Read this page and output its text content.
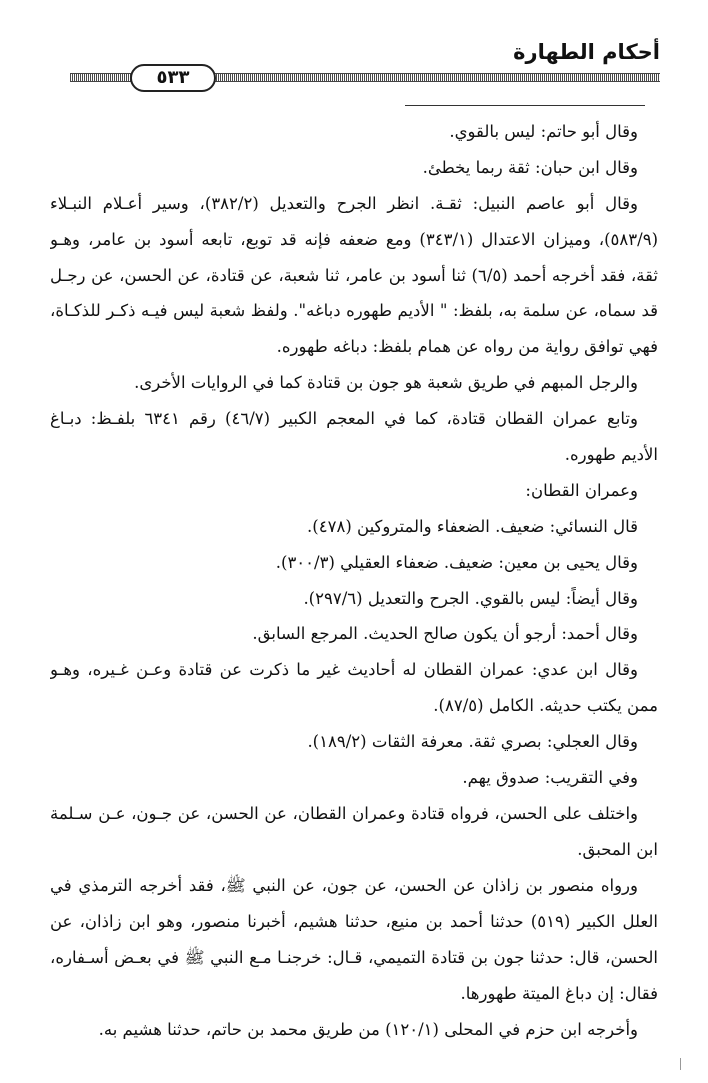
أحكام الطهارة
٥٣٣
وقال أبو حاتم: ليس بالقوي.
وقال ابن حبان: ثقة ربما يخطئ.
وقال أبو عاصم النبيل: ثقـة. انظر الجرح والتعديل (٣٨٢/٢)، وسير أعـلام النبـلاء
(٥٨٣/٩)، وميزان الاعتدال (٣٤٣/١) ومع ضعفه فإنه قد توبع، تابعه أسود بن عامر، وهـو
ثقة، فقد أخرجه أحمد (٦/٥) ثنا أسود بن عامر، ثنا شعبة، عن قتادة، عن الحسن، عن رجـل
قد سماه، عن سلمة به، بلفظ: " الأديم طهوره دباغه". ولفظ شعبة ليس فيـه ذكـر للذكـاة،
فهي توافق رواية من رواه عن همام بلفظ: دباغه طهوره.
والرجل المبهم في طريق شعبة هو جون بن قتادة كما في الروايات الأخرى.
وتابع عمران القطان قتادة، كما في المعجم الكبير (٤٦/٧) رقم ٦٣٤١ بلفـظ: دبـاغ
الأديم طهوره.
وعمران القطان:
قال النسائي: ضعيف. الضعفاء والمتروكين (٤٧٨).
وقال يحيى بن معين: ضعيف. ضعفاء العقيلي (٣٠٠/٣).
وقال أيضاً: ليس بالقوي. الجرح والتعديل (٢٩٧/٦).
وقال أحمد: أرجو أن يكون صالح الحديث. المرجع السابق.
وقال ابن عدي: عمران القطان له أحاديث غير ما ذكرت عن قتادة وعـن غـيره، وهـو
ممن يكتب حديثه. الكامل (٨٧/٥).
وقال العجلي: بصري ثقة. معرفة الثقات (١٨٩/٢).
وفي التقريب: صدوق يهم.
واختلف على الحسن، فرواه قتادة وعمران القطان، عن الحسن، عن جـون، عـن سـلمة
ابن المحبق.
ورواه منصور بن زاذان عن الحسن، عن جون، عن النبي ﷺ، فقد أخرجه الترمذي في
العلل الكبير (٥١٩) حدثنا أحمد بن منيع، حدثنا هشيم، أخبرنا منصور، وهو ابن زاذان، عن
الحسن، قال: حدثنا جون بن قتادة التميمي، قـال: خرجنـا مـع النبي ﷺ في بعـض أسـفاره،
فقال: إن دباغ الميتة طهورها.
وأخرجه ابن حزم في المحلى (١٢٠/١) من طريق محمد بن حاتم، حدثنا هشيم به.
